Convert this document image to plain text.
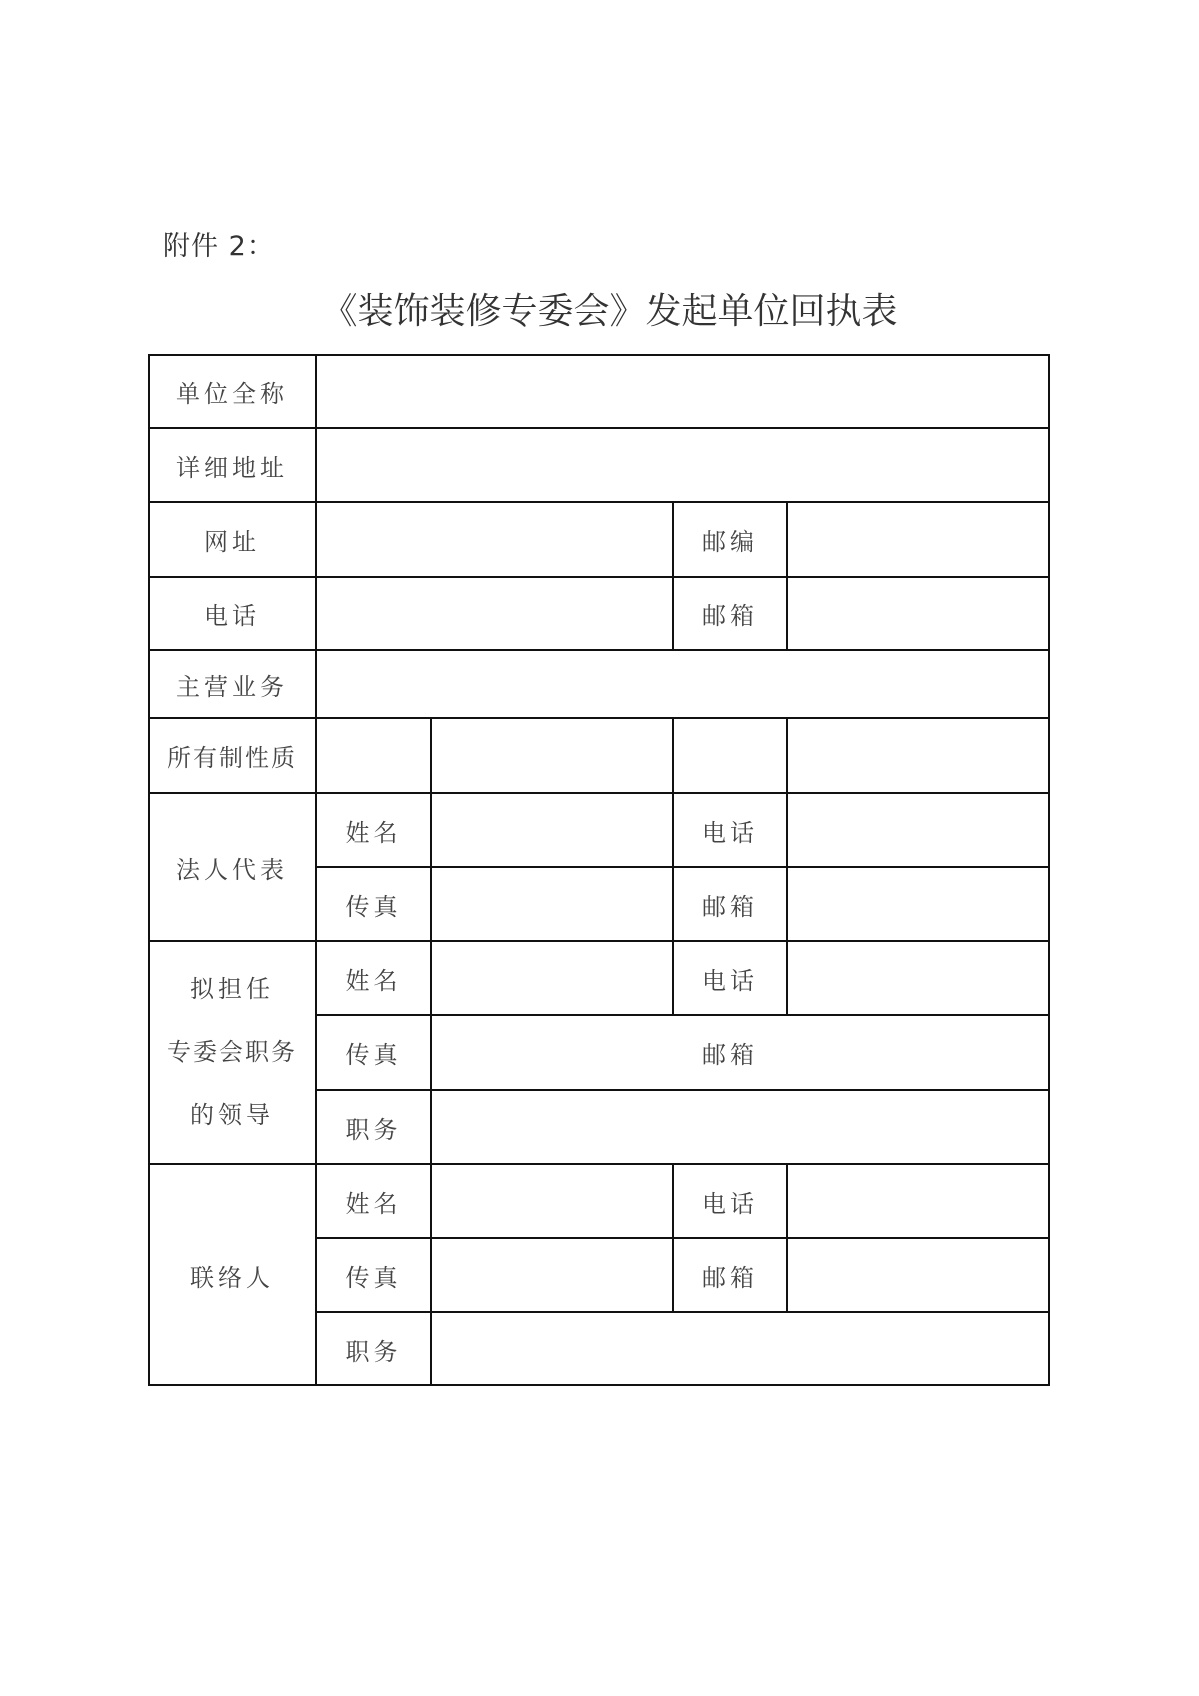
附件 2：
《装饰装修专委会》发起单位回执表
单位全称
详细地址
网址	邮编
电话	邮箱
主营业务
所有制性质
法人代表
姓名	电话
传真	邮箱
拟担任
专委会职务
的领导
姓名	电话
传真	邮箱
职务
联络人
姓名	电话
传真	邮箱
职务
